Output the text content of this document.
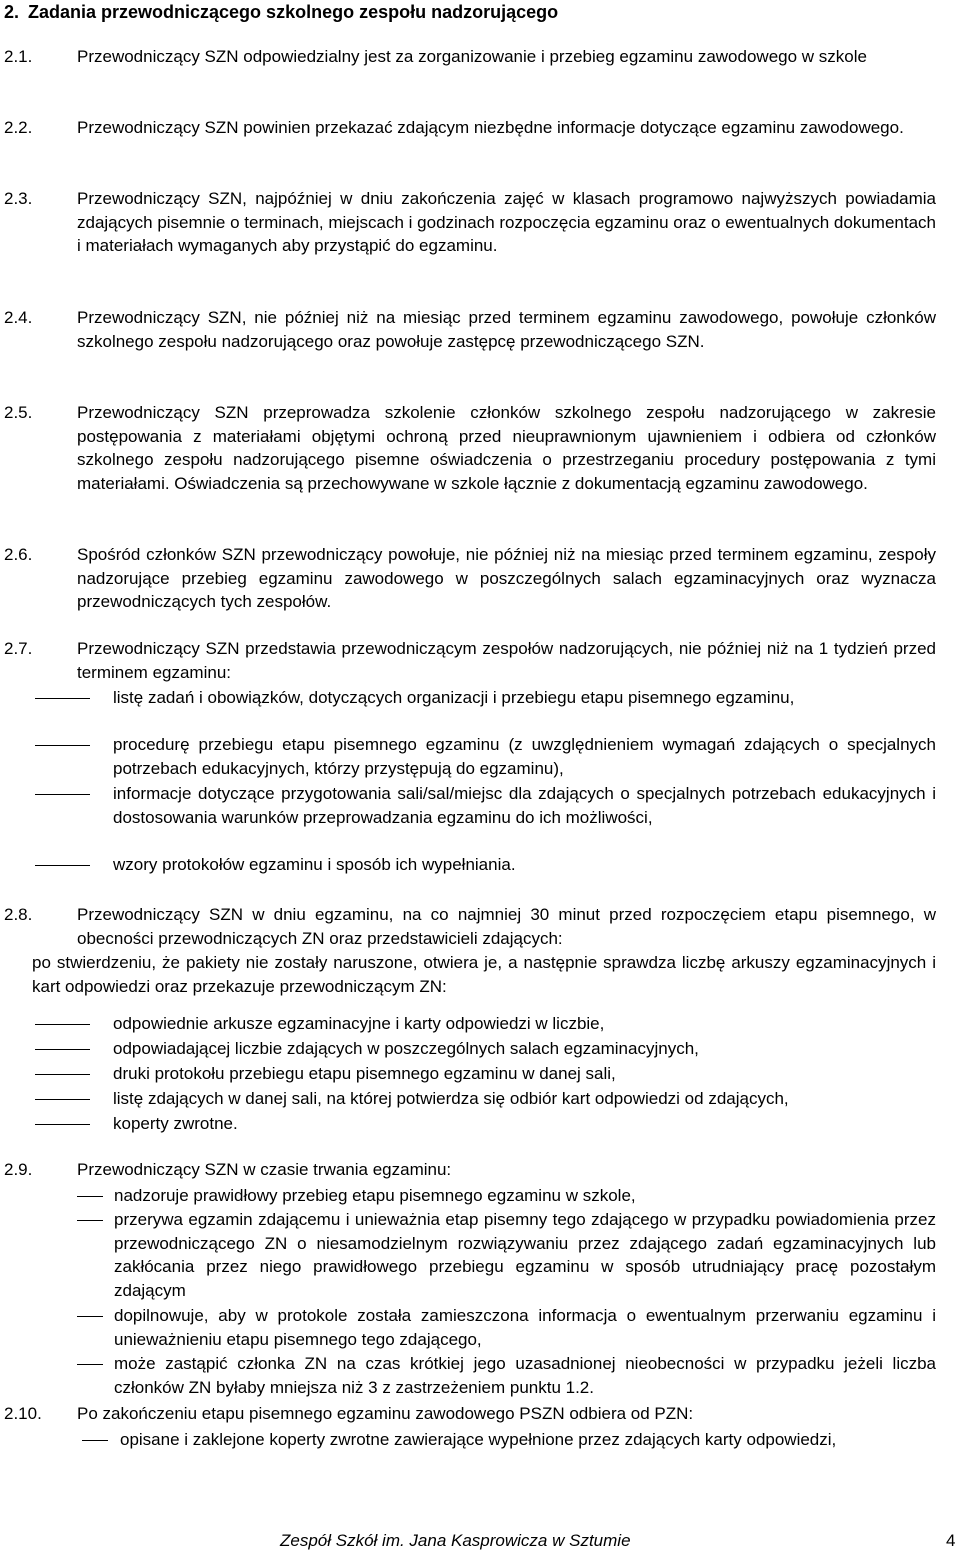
2. Zadania przewodniczącego szkolnego zespołu nadzorującego
2.1.	Przewodniczący SZN odpowiedzialny jest za zorganizowanie i przebieg egzaminu zawodowego w szkole
2.2.	Przewodniczący SZN powinien przekazać zdającym niezbędne informacje dotyczące egzaminu zawodowego.
2.3.	Przewodniczący SZN, najpóźniej w dniu zakończenia zajęć w klasach programowo najwyższych powiadamia zdających pisemnie o terminach, miejscach i godzinach rozpoczęcia egzaminu oraz o ewentualnych dokumentach i materiałach wymaganych aby przystąpić do egzaminu.
2.4.	Przewodniczący SZN, nie później niż na miesiąc przed terminem egzaminu zawodowego, powołuje członków szkolnego zespołu nadzorującego oraz powołuje zastępcę przewodniczącego SZN.
2.5.	Przewodniczący SZN przeprowadza szkolenie członków szkolnego zespołu nadzorującego w zakresie postępowania z materiałami objętymi ochroną przed nieuprawnionym ujawnieniem i odbiera od członków szkolnego zespołu nadzorującego pisemne oświadczenia o przestrzeganiu procedury postępowania z tymi materiałami. Oświadczenia są przechowywane w szkole łącznie z dokumentacją egzaminu zawodowego.
2.6.	Spośród członków SZN przewodniczący powołuje, nie później niż na miesiąc przed terminem egzaminu, zespoły nadzorujące przebieg egzaminu zawodowego w poszczególnych salach egzaminacyjnych oraz wyznacza przewodniczących tych zespołów.
2.7.	Przewodniczący SZN przedstawia przewodniczącym zespołów nadzorujących, nie później niż na 1 tydzień przed terminem egzaminu:
listę zadań i obowiązków, dotyczących organizacji i przebiegu etapu pisemnego egzaminu,
procedurę przebiegu etapu pisemnego egzaminu (z uwzględnieniem wymagań zdających o specjalnych potrzebach edukacyjnych, którzy przystępują do egzaminu),
informacje dotyczące przygotowania sali/sal/miejsc dla zdających o specjalnych potrzebach edukacyjnych i dostosowania warunków przeprowadzania egzaminu do ich możliwości,
wzory protokołów egzaminu i sposób ich wypełniania.
2.8.	Przewodniczący SZN w dniu egzaminu, na co najmniej 30 minut przed rozpoczęciem etapu pisemnego, w obecności przewodniczących ZN oraz przedstawicieli zdających:
po stwierdzeniu, że pakiety nie zostały naruszone, otwiera je, a następnie sprawdza liczbę arkuszy egzaminacyjnych i kart odpowiedzi oraz przekazuje przewodniczącym ZN:
odpowiednie arkusze egzaminacyjne i karty odpowiedzi w liczbie,
odpowiadającej liczbie zdających w poszczególnych salach egzaminacyjnych,
druki protokołu przebiegu etapu pisemnego egzaminu w danej sali,
listę zdających w danej sali, na której potwierdza się odbiór kart odpowiedzi od zdających,
koperty zwrotne.
2.9.	Przewodniczący SZN w czasie trwania egzaminu:
nadzoruje prawidłowy przebieg etapu pisemnego egzaminu w szkole,
przerywa egzamin zdającemu i unieważnia etap pisemny tego zdającego w przypadku powiadomienia przez przewodniczącego ZN o niesamodzielnym rozwiązywaniu przez zdającego zadań egzaminacyjnych lub zakłócania przez niego prawidłowego przebiegu egzaminu w sposób utrudniający pracę pozostałym zdającym
dopilnowuje, aby w protokole została zamieszczona informacja o ewentualnym przerwaniu egzaminu i unieważnieniu etapu pisemnego tego zdającego,
może zastąpić członka ZN na czas krótkiej jego uzasadnionej nieobecności w przypadku jeżeli liczba członków ZN byłaby mniejsza niż 3 z zastrzeżeniem punktu 1.2.
2.10. Po zakończeniu etapu pisemnego egzaminu zawodowego PSZN odbiera od PZN:
opisane i zaklejone koperty zwrotne zawierające wypełnione przez zdających karty odpowiedzi,
Zespół Szkół im. Jana Kasprowicza w Sztumie	4
